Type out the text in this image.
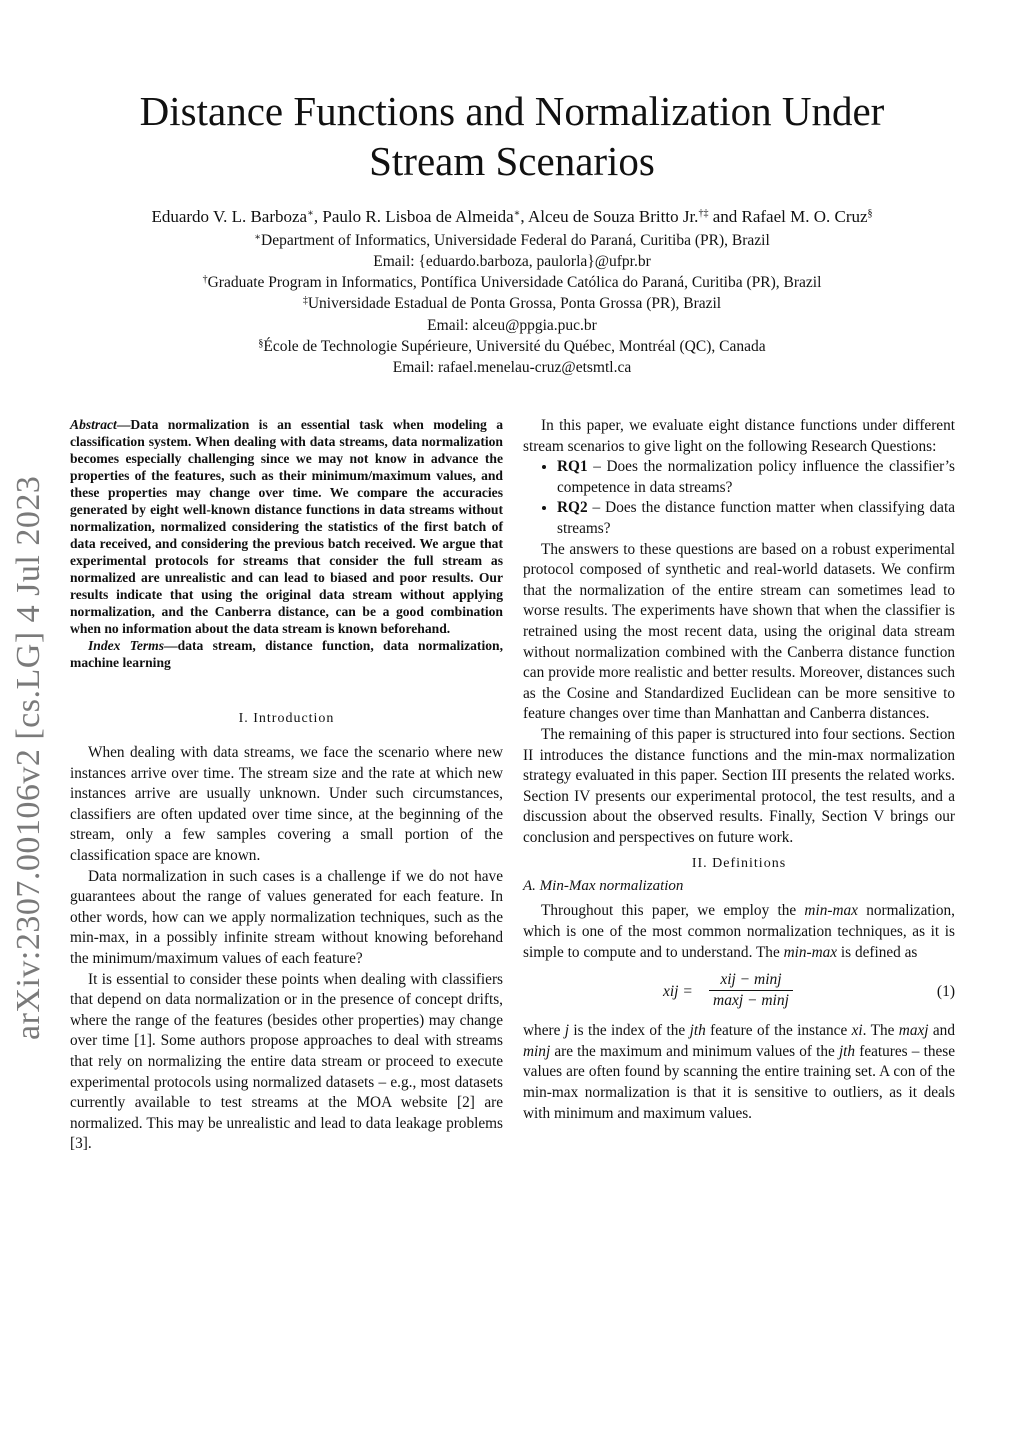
arXiv:2307.00106v2 [cs.LG] 4 Jul 2023
Distance Functions and Normalization Under
Stream Scenarios
Eduardo V. L. Barboza∗, Paulo R. Lisboa de Almeida∗, Alceu de Souza Britto Jr.†‡ and Rafael M. O. Cruz§
∗Department of Informatics, Universidade Federal do Paraná, Curitiba (PR), Brazil
Email: {eduardo.barboza, paulorla}@ufpr.br
†Graduate Program in Informatics, Pontífica Universidade Católica do Paraná, Curitiba (PR), Brazil
‡Universidade Estadual de Ponta Grossa, Ponta Grossa (PR), Brazil
Email: alceu@ppgia.puc.br
§École de Technologie Supérieure, Université du Québec, Montréal (QC), Canada
Email: rafael.menelau-cruz@etsmtl.ca

Abstract—Data normalization is an essential task when modeling a classification system. When dealing with data streams, data normalization becomes especially challenging since we may not know in advance the properties of the features, such as their minimum/maximum values, and these properties may change over time. We compare the accuracies generated by eight well-known distance functions in data streams without normalization, normalized considering the statistics of the first batch of data received, and considering the previous batch received. We argue that experimental protocols for streams that consider the full stream as normalized are unrealistic and can lead to biased and poor results. Our results indicate that using the original data stream without applying normalization, and the Canberra distance, can be a good combination when no information about the data stream is known beforehand.

Index Terms—data stream, distance function, data normalization, machine learning

I. Introduction

When dealing with data streams, we face the scenario where new instances arrive over time. The stream size and the rate at which new instances arrive are usually unknown. Under such circumstances, classifiers are often updated over time since, at the beginning of the stream, only a few samples covering a small portion of the classification space are known.

Data normalization in such cases is a challenge if we do not have guarantees about the range of values generated for each feature. In other words, how can we apply normalization techniques, such as the min-max, in a possibly infinite stream without knowing beforehand the minimum/maximum values of each feature?

It is essential to consider these points when dealing with classifiers that depend on data normalization or in the presence of concept drifts, where the range of the features (besides other properties) may change over time [1]. Some authors propose approaches to deal with streams that rely on normalizing the entire data stream or proceed to execute experimental protocols using normalized datasets – e.g., most datasets currently available to test streams at the MOA website [2] are normalized. This may be unrealistic and lead to data leakage problems [3].

In this paper, we evaluate eight distance functions under different stream scenarios to give light on the following Research Questions:

• RQ1 – Does the normalization policy influence the classifier’s competence in data streams?
• RQ2 – Does the distance function matter when classifying data streams?

The answers to these questions are based on a robust experimental protocol composed of synthetic and real-world datasets. We confirm that the normalization of the entire stream can sometimes lead to worse results. The experiments have shown that when the classifier is retrained using the most recent data, using the original data stream without normalization combined with the Canberra distance function can provide more realistic and better results. Moreover, distances such as the Cosine and Standardized Euclidean can be more sensitive to feature changes over time than Manhattan and Canberra distances.

The remaining of this paper is structured into four sections. Section II introduces the distance functions and the min-max normalization strategy evaluated in this paper. Section III presents the related works. Section IV presents our experimental protocol, the test results, and a discussion about the observed results. Finally, Section V brings our conclusion and perspectives on future work.

II. Definitions

A. Min-Max normalization

Throughout this paper, we employ the min-max normalization, which is one of the most common normalization techniques, as it is simple to compute and to understand. The min-max is defined as

xij =
xij − minj
maxj − minj
(1)

where j is the index of the jth feature of the instance xi. The maxj and minj are the maximum and minimum values of the jth features – these values are often found by scanning the entire training set. A con of the min-max normalization is that it is sensitive to outliers, as it deals with minimum and maximum values.
